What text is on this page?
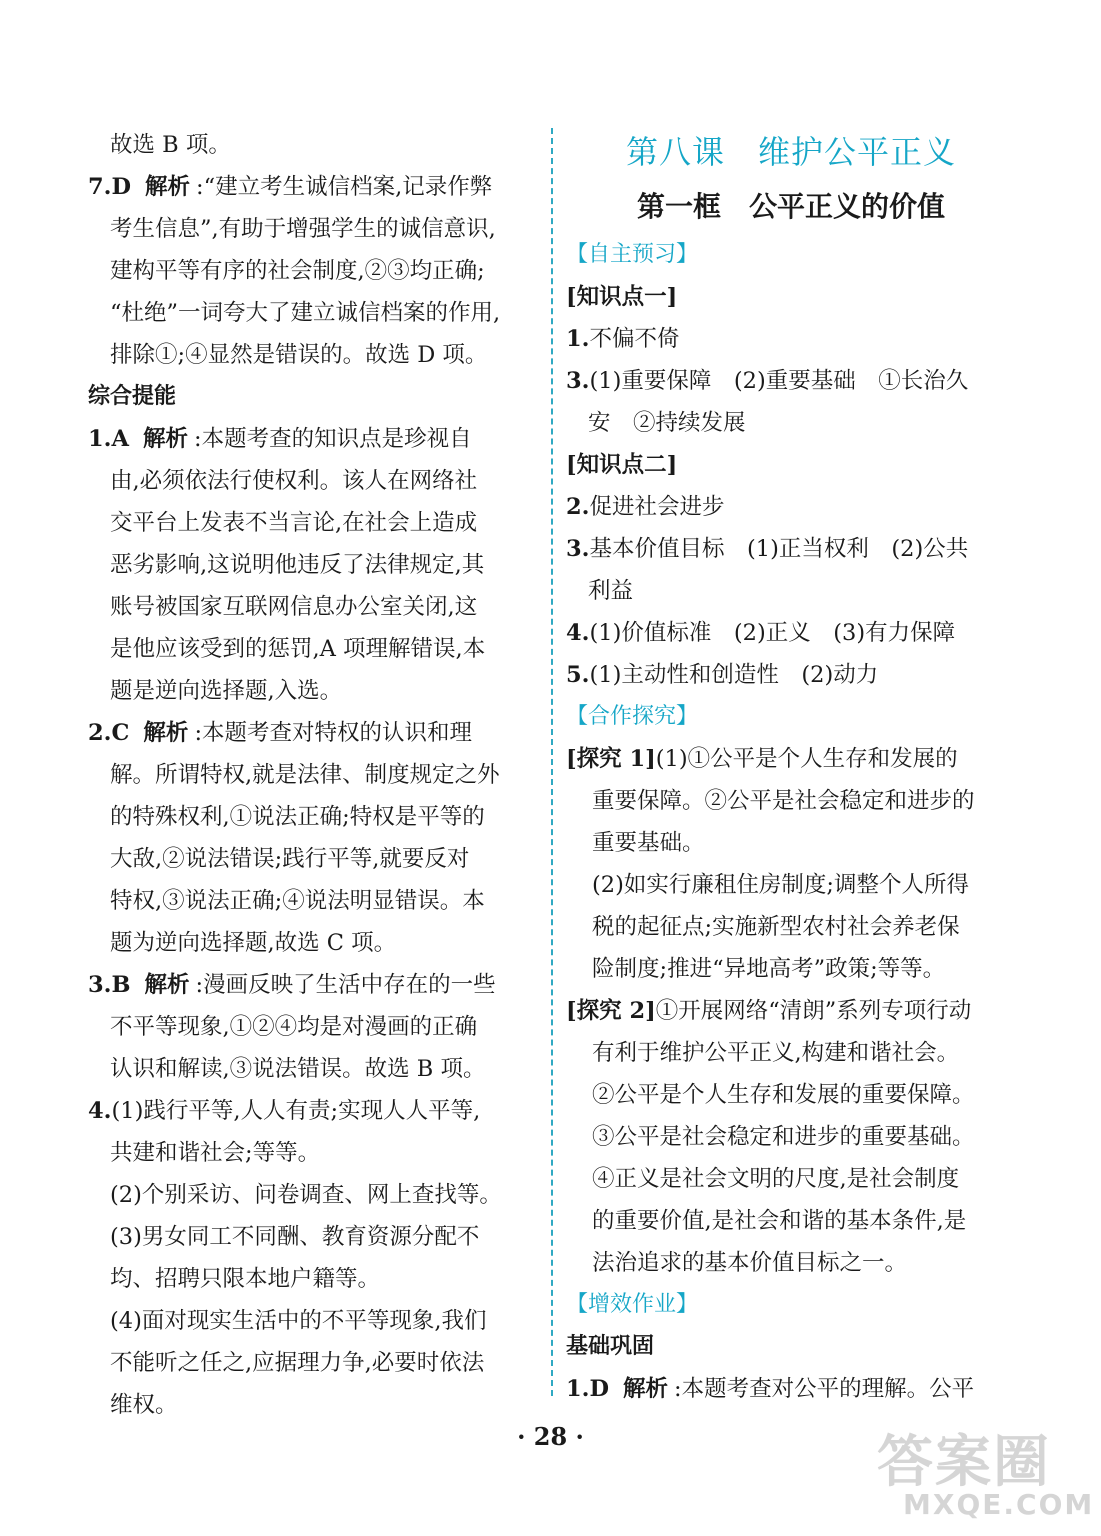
故选 B 项。
7.D 解析 :“建立考生诚信档案,记录作弊
考生信息”,有助于增强学生的诚信意识,
建构平等有序的社会制度,②③均正确;
“杜绝”一词夸大了建立诚信档案的作用,
排除①;④显然是错误的。故选 D 项。
综合提能
1.A 解析 :本题考查的知识点是珍视自
由,必须依法行使权利。该人在网络社
交平台上发表不当言论,在社会上造成
恶劣影响,这说明他违反了法律规定,其
账号被国家互联网信息办公室关闭,这
是他应该受到的惩罚,A 项理解错误,本
题是逆向选择题,入选。
2.C 解析 :本题考查对特权的认识和理
解。所谓特权,就是法律、制度规定之外
的特殊权利,①说法正确;特权是平等的
大敌,②说法错误;践行平等,就要反对
特权,③说法正确;④说法明显错误。本
题为逆向选择题,故选 C 项。
3.B 解析 :漫画反映了生活中存在的一些
不平等现象,①②④均是对漫画的正确
认识和解读,③说法错误。故选 B 项。
4.(1)践行平等,人人有责;实现人人平等,
共建和谐社会;等等。
(2)个别采访、问卷调查、网上查找等。
(3)男女同工不同酬、教育资源分配不
均、招聘只限本地户籍等。
(4)面对现实生活中的不平等现象,我们
不能听之任之,应据理力争,必要时依法
维权。
第八课　维护公平正义
第一框　公平正义的价值
【自主预习】
[知识点一]
1.不偏不倚
3.(1)重要保障　(2)重要基础　①长治久
安　②持续发展
[知识点二]
2.促进社会进步
3.基本价值目标　(1)正当权利　(2)公共
利益
4.(1)价值标准　(2)正义　(3)有力保障
5.(1)主动性和创造性　(2)动力
【合作探究】
[探究 1](1)①公平是个人生存和发展的
重要保障。②公平是社会稳定和进步的
重要基础。
(2)如实行廉租住房制度;调整个人所得
税的起征点;实施新型农村社会养老保
险制度;推进“异地高考”政策;等等。
[探究 2]①开展网络“清朗”系列专项行动
有利于维护公平正义,构建和谐社会。
②公平是个人生存和发展的重要保障。
③公平是社会稳定和进步的重要基础。
④正义是社会文明的尺度,是社会制度
的重要价值,是社会和谐的基本条件,是
法治追求的基本价值目标之一。
【增效作业】
基础巩固
1.D 解析 :本题考查对公平的理解。公平
· 28 ·	答案圈
MXQE.COM
